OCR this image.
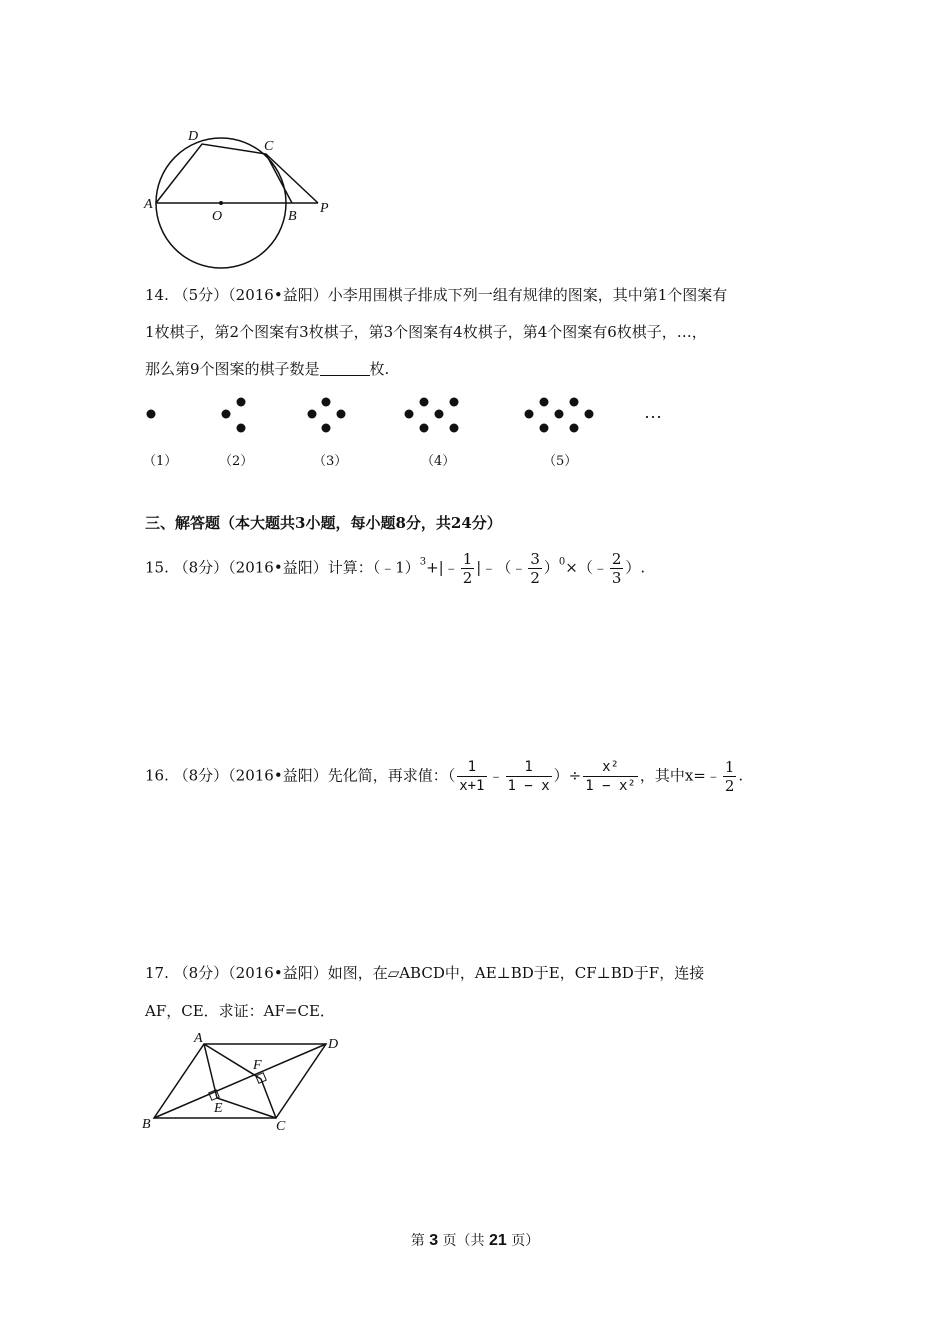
A
D
C
O	B
P
14. （5分）（2016•益阳）小李用围棋子排成下列一组有规律的图案，其中第1个图案有
1枚棋子，第2个图案有3枚棋子，第3个图案有4枚棋子，第4个图案有6枚棋子，…，
那么第9个图案的棋子数是	枚.
…
（1）	（2）	（3）	（4）	（5）
三、解答题（本大题共3小题，每小题8分，共24分）
15. （8分）（2016•益阳）计算：（﹣1）$^3$+|﹣ $\frac{1}{2}$ |﹣（﹣ $\frac{3}{2}$ ）$^0$×（﹣ $\frac{2}{3}$ ）.
16. （8分）（2016•益阳）先化简，再求值：（ $\frac{1}{x+1}$ ﹣ $\frac{1}{1 - x}$ ）÷ $\frac{\text{x²}}{\text{1 − x²}}$ ，其中x=﹣ $\frac{1}{2}$ .
17. （8分）（2016•益阳）如图，在▱ABCD中，AE⊥BD于E，CF⊥BD于F，连接
AF，CE．求证：AF=CE．
A	D
F
E
B	C
第 3 页（共 21 页）
